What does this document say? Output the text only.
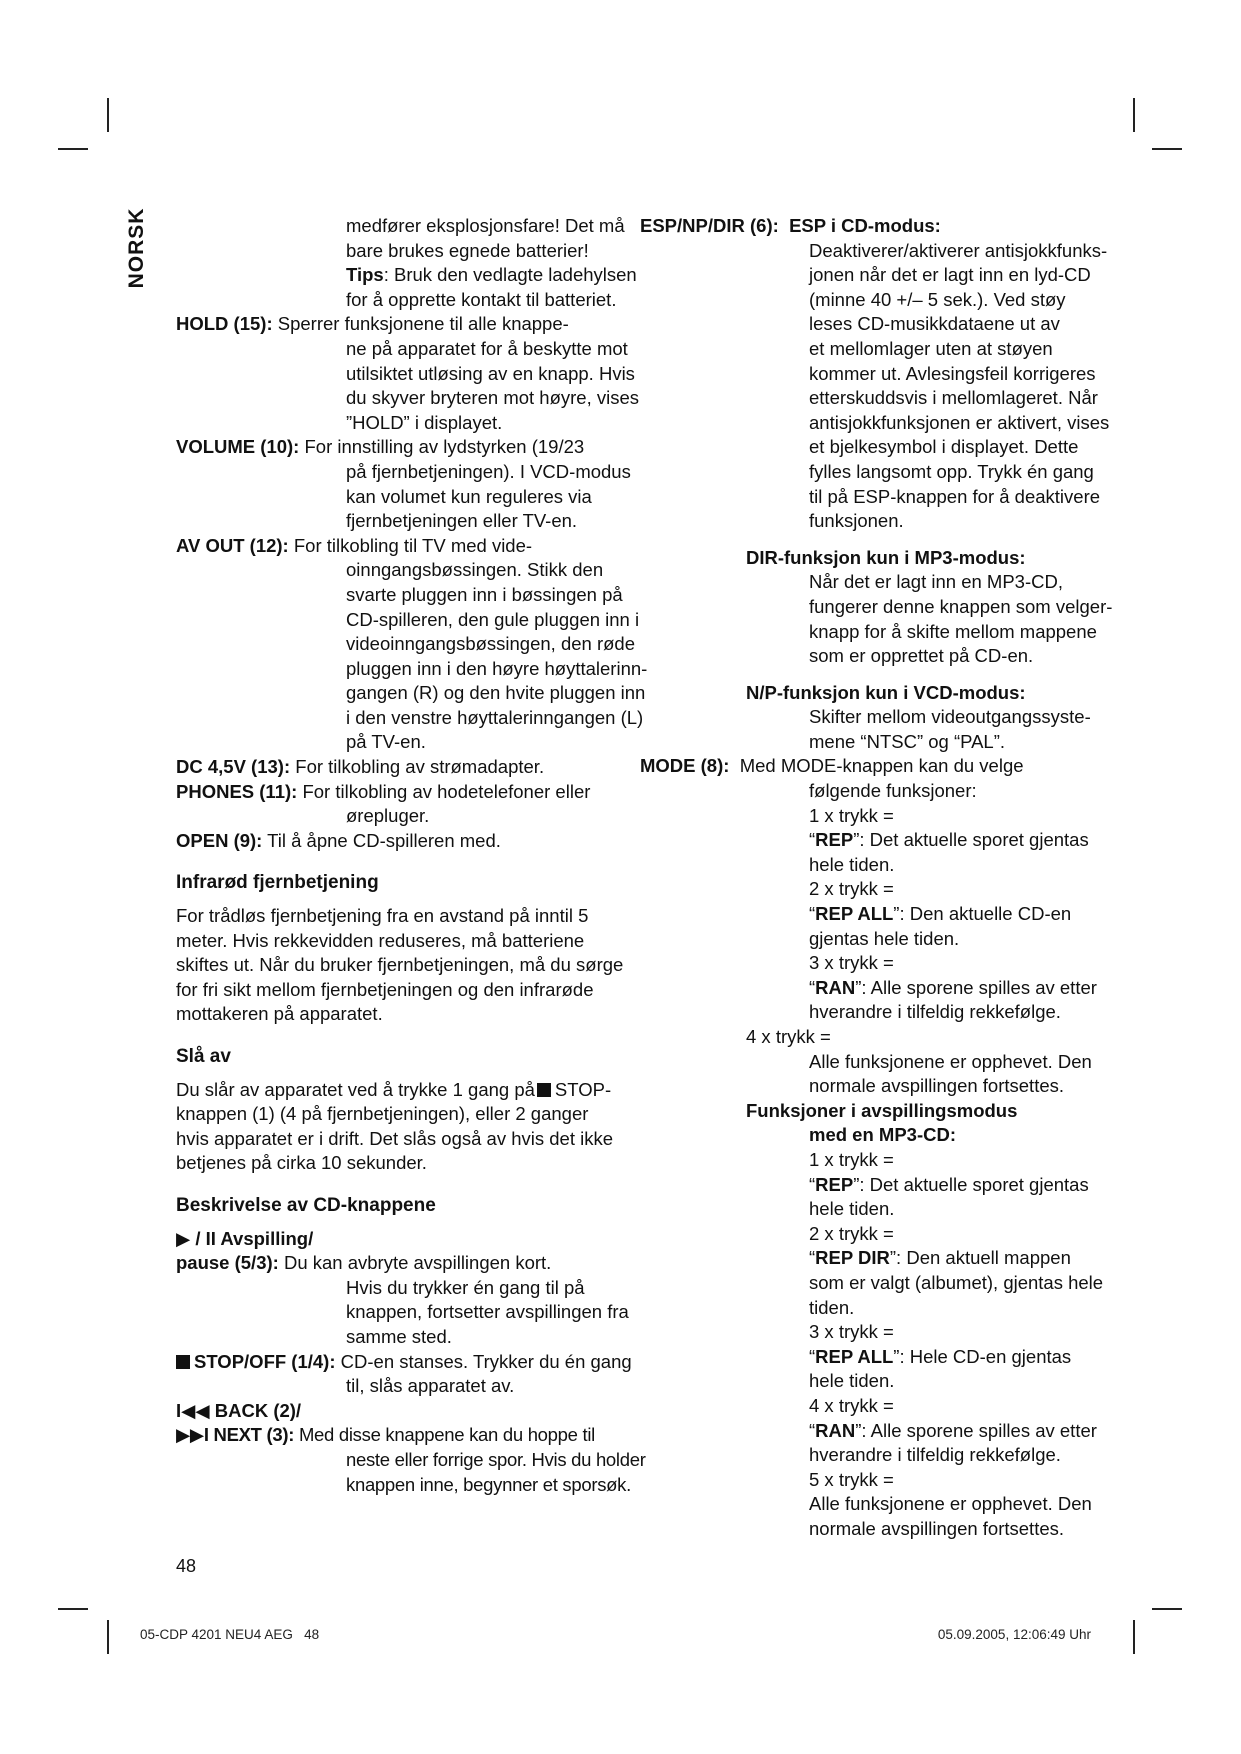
NORSK	medfører eksplosjonsfare! Det må
bare brukes egnede batterier!
Tips: Bruk den vedlagte ladehylsen
for å opprette kontakt til batteriet.
HOLD (15): Sperrer funksjonene til alle knappe-
ne på apparatet for å beskytte mot
utilsiktet utløsing av en knapp. Hvis
du skyver bryteren mot høyre, vises
”HOLD” i displayet.
VOLUME (10): For innstilling av lydstyrken (19/23
på fjernbetjeningen). I VCD-modus
kan volumet kun reguleres via
fjernbetjeningen eller TV-en.
AV OUT (12): For tilkobling til TV med vide-
oinngangsbøssingen. Stikk den
svarte pluggen inn i bøssingen på
CD-spilleren, den gule pluggen inn i
videoinngangsbøssingen, den røde
pluggen inn i den høyre høyttalerinn-
gangen (R) og den hvite pluggen inn
i den venstre høyttalerinngangen (L)
på TV-en.
DC 4,5V (13): For tilkobling av strømadapter.
PHONES (11): For tilkobling av hodetelefoner eller
ørepluger.
OPEN (9): Til å åpne CD-spilleren med.
Infrarød fjernbetjening
For trådløs fjernbetjening fra en avstand på inntil 5 meter. Hvis rekkevidden reduseres, må batteriene skiftes ut. Når du bruker fjernbetjeningen, må du sørge for fri sikt mellom fjernbetjeningen og den infrarøde mottakeren på apparatet.
Slå av
Du slår av apparatet ved å trykke 1 gang på STOP-knappen (1) (4 på fjernbetjeningen), eller 2 ganger hvis apparatet er i drift. Det slås også av hvis det ikke betjenes på cirka 10 sekunder.
Beskrivelse av CD-knappene
▶ / II Avspilling/
pause (5/3): Du kan avbryte avspillingen kort.
Hvis du trykker én gang til på
knappen, fortsetter avspillingen fra
samme sted.
STOP/OFF (1/4): CD-en stanses. Trykker du én gang
til, slås apparatet av.
I◀◀ BACK (2)/
▶▶I NEXT (3): Med disse knappene kan du hoppe til
neste eller forrige spor. Hvis du holder
knappen inne, begynner et sporsøk.
ESP/NP/DIR (6): ESP i CD-modus:
Deaktiverer/aktiverer antisjokkfunks-
jonen når det er lagt inn en lyd-CD
(minne 40 +/– 5 sek.). Ved støy
leses CD-musikkdataene ut av
et mellomlager uten at støyen
kommer ut. Avlesingsfeil korrigeres
etterskuddsvis i mellomlageret. Når
antisjokkfunksjonen er aktivert, vises
et bjelkesymbol i displayet. Dette
fylles langsomt opp. Trykk én gang
til på ESP-knappen for å deaktivere
funksjonen.
DIR-funksjon kun i MP3-modus:
Når det er lagt inn en MP3-CD,
fungerer denne knappen som velger-
knapp for å skifte mellom mappene
som er opprettet på CD-en.
N/P-funksjon kun i VCD-modus:
Skifter mellom videoutgangssyste-
mene “NTSC” og “PAL”.
MODE (8): Med MODE-knappen kan du velge
følgende funksjoner:
1 x trykk =
“REP”: Det aktuelle sporet gjentas
hele tiden.
2 x trykk =
“REP ALL”: Den aktuelle CD-en
gjentas hele tiden.
3 x trykk =
“RAN”: Alle sporene spilles av etter
hverandre i tilfeldig rekkefølge.
4 x trykk =
Alle funksjonene er opphevet. Den
normale avspillingen fortsettes.
Funksjoner i avspillingsmodus
med en MP3-CD:
1 x trykk =
“REP”: Det aktuelle sporet gjentas
hele tiden.
2 x trykk =
“REP DIR”: Den aktuell mappen
som er valgt (albumet), gjentas hele
tiden.
3 x trykk =
“REP ALL”: Hele CD-en gjentas
hele tiden.
4 x trykk =
“RAN”: Alle sporene spilles av etter
hverandre i tilfeldig rekkefølge.
5 x trykk =
Alle funksjonene er opphevet. Den
normale avspillingen fortsettes.
48
05-CDP 4201 NEU4 AEG   48	05.09.2005, 12:06:49 Uhr
